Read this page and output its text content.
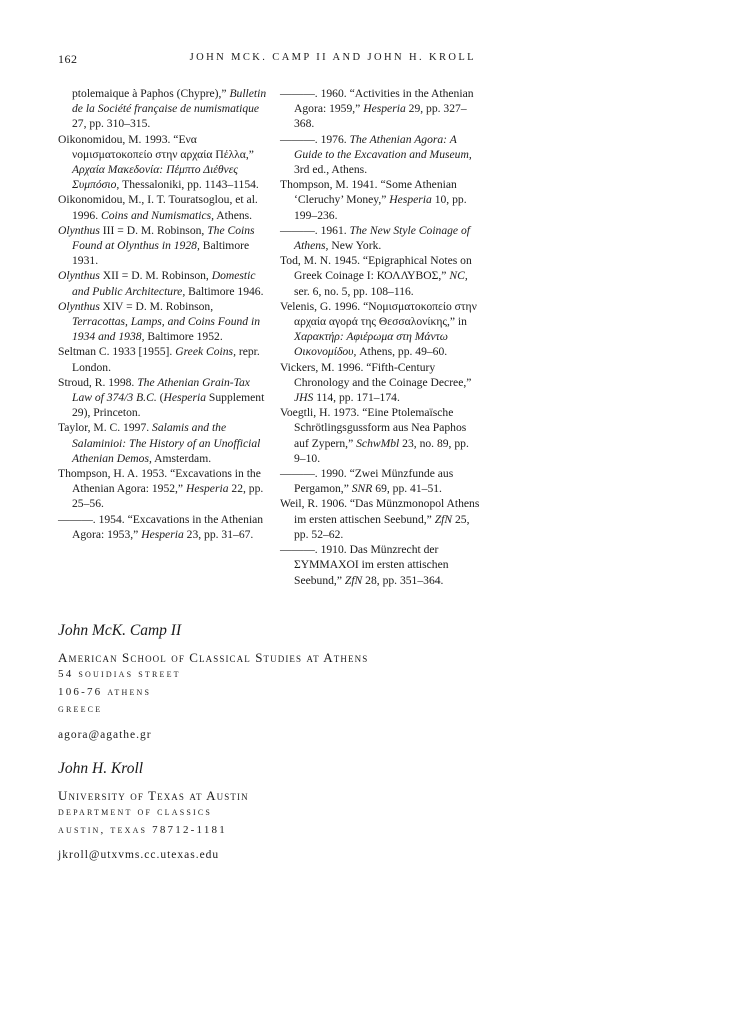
162	JOHN MCK. CAMP II AND JOHN H. KROLL

ptolemaique à Paphos (Chypre),” Bulletin de la Société française de numismatique 27, pp. 310–315.

Oikonomidou, M. 1993. “Ενα νομισματοκοπείο στην αρχαία Πέλλα,” Αρχαία Μακεδονία: Πέμπτο Διέθνες Συμπόσιο, Thessaloniki, pp. 1143–1154.

Oikonomidou, M., I. T. Touratsoglou, et al. 1996. Coins and Numismatics, Athens.

Olynthus III = D. M. Robinson, The Coins Found at Olynthus in 1928, Baltimore 1931.

Olynthus XII = D. M. Robinson, Domestic and Public Architecture, Baltimore 1946.

Olynthus XIV = D. M. Robinson, Terracottas, Lamps, and Coins Found in 1934 and 1938, Baltimore 1952.

Seltman C. 1933 [1955]. Greek Coins, repr. London.

Stroud, R. 1998. The Athenian Grain-Tax Law of 374/3 B.C. (Hesperia Supplement 29), Princeton.

Taylor, M. C. 1997. Salamis and the Salaminioi: The History of an Unofficial Athenian Demos, Amsterdam.

Thompson, H. A. 1953. “Excavations in the Athenian Agora: 1952,” Hesperia 22, pp. 25–56.

———. 1954. “Excavations in the Athenian Agora: 1953,” Hesperia 23, pp. 31–67.

———. 1960. “Activities in the Athenian Agora: 1959,” Hesperia 29, pp. 327–368.

———. 1976. The Athenian Agora: A Guide to the Excavation and Museum, 3rd ed., Athens.

Thompson, M. 1941. “Some Athenian ‘Cleruchy’ Money,” Hesperia 10, pp. 199–236.

———. 1961. The New Style Coinage of Athens, New York.

Tod, M. N. 1945. “Epigraphical Notes on Greek Coinage I: ΚΟΛΛΥΒΟΣ,” NC, ser. 6, no. 5, pp. 108–116.

Velenis, G. 1996. “Νομισματοκοπείο στην αρχαία αγορά της Θεσσαλονίκης,” in Χαρακτήρ: Αφιέρωμα στη Μάντω Οικονομίδου, Athens, pp. 49–60.

Vickers, M. 1996. “Fifth-Century Chronology and the Coinage Decree,” JHS 114, pp. 171–174.

Voegtli, H. 1973. “Eine Ptolemaïsche Schrötlingsgussform aus Nea Paphos auf Zypern,” SchwMbl 23, no. 89, pp. 9–10.

———. 1990. “Zwei Münzfunde aus Pergamon,” SNR 69, pp. 41–51.

Weil, R. 1906. “Das Münzmonopol Athens im ersten attischen Seebund,” ZfN 25, pp. 52–62.

———. 1910. Das Münzrecht der ΣΥΜΜΑΧΟΙ im ersten attischen Seebund,” ZfN 28, pp. 351–364.

John McK. Camp II
American School of Classical Studies at Athens
54 souidias street
106-76 athens
greece
agora@agathe.gr
John H. Kroll
University of Texas at Austin
department of classics
austin, texas 78712-1181
jkroll@utxvms.cc.utexas.edu
